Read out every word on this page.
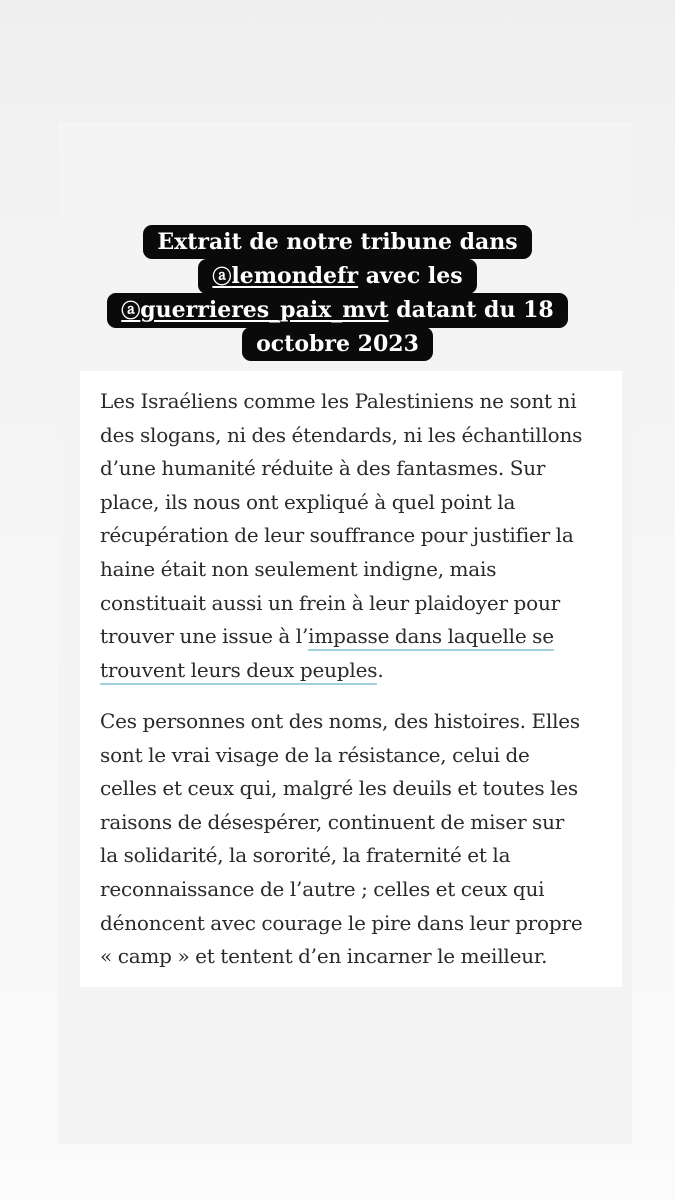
Extrait de notre tribune dans
ⓐlemondefr avec les
ⓐguerrieres_paix_mvt datant du 18
octobre 2023

Les Israéliens comme les Palestiniens ne sont ni
des slogans, ni des étendards, ni les échantillons
d’une humanité réduite à des fantasmes. Sur
place, ils nous ont expliqué à quel point la
récupération de leur souffrance pour justifier la
haine était non seulement indigne, mais
constituait aussi un frein à leur plaidoyer pour
trouver une issue à l’impasse dans laquelle se
trouvent leurs deux peuples.

Ces personnes ont des noms, des histoires. Elles
sont le vrai visage de la résistance, celui de
celles et ceux qui, malgré les deuils et toutes les
raisons de désespérer, continuent de miser sur
la solidarité, la sororité, la fraternité et la
reconnaissance de l’autre ; celles et ceux qui
dénoncent avec courage le pire dans leur propre
« camp » et tentent d’en incarner le meilleur.
